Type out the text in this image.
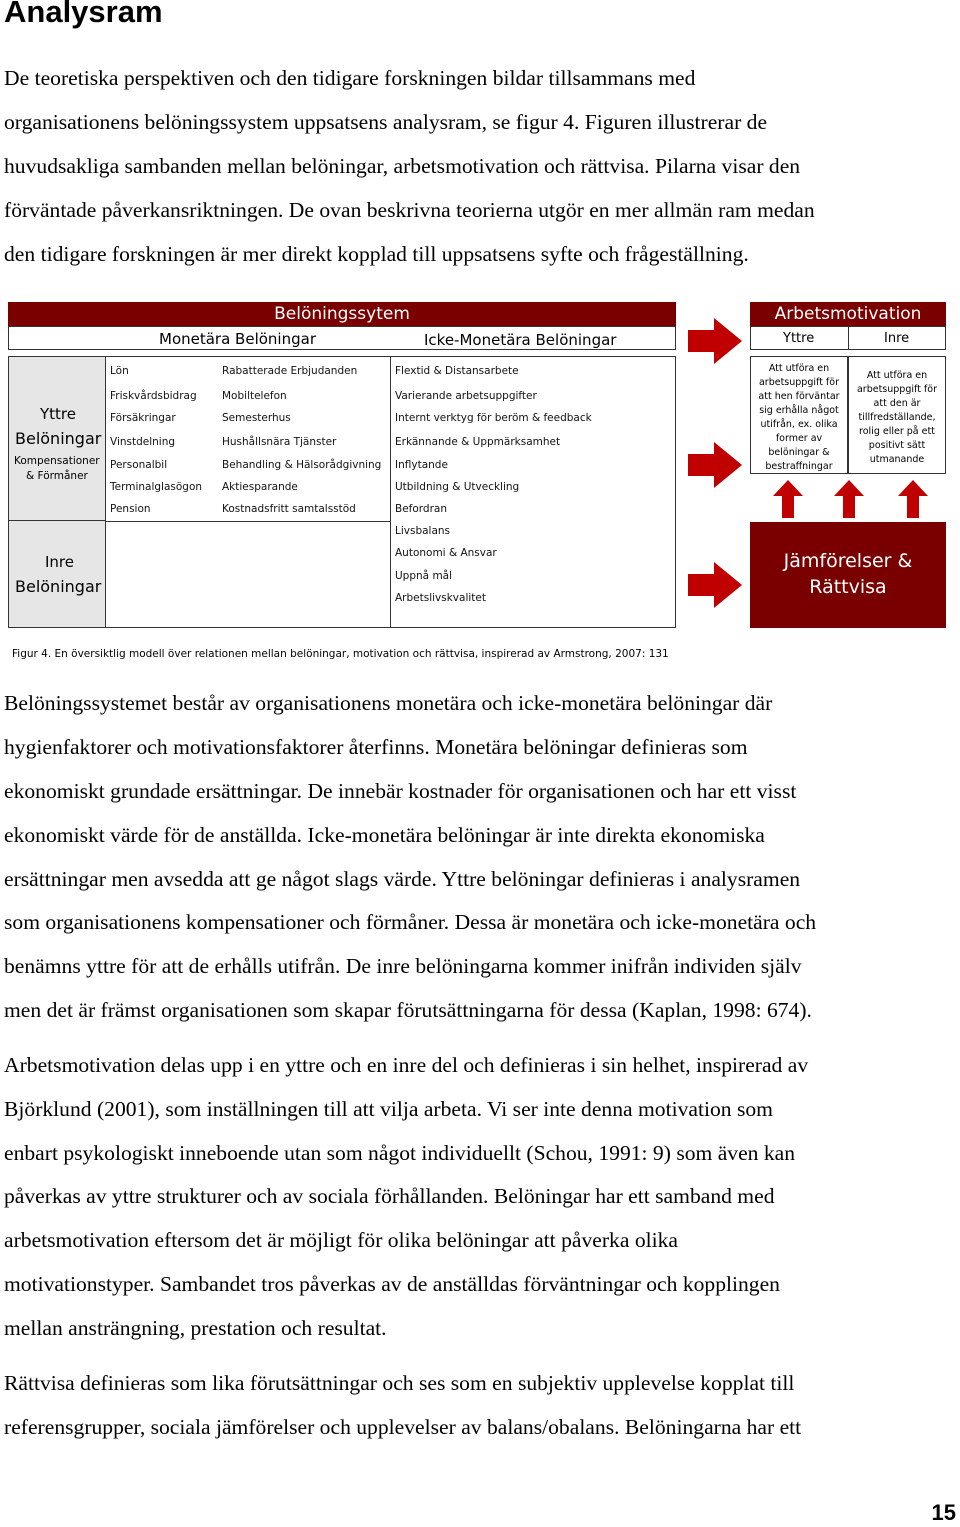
Analysram
De teoretiska perspektiven och den tidigare forskningen bildar tillsammans med
organisationens belöningssystem uppsatsens analysram, se figur 4. Figuren illustrerar de
huvudsakliga sambanden mellan belöningar, arbetsmotivation och rättvisa. Pilarna visar den
förväntade påverkansriktningen. De ovan beskrivna teorierna utgör en mer allmän ram medan
den tidigare forskningen är mer direkt kopplad till uppsatsens syfte och frågeställning.
Belöningssytem
Monetära Belöningar	Icke-Monetära Belöningar
Arbetsmotivation
Yttre	Inre
Yttre
Belöningar
Kompensationer
& Förmåner
Inre
Belöningar
Lön
Friskvårdsbidrag
Försäkringar
Vinstdelning
Personalbil
Terminalglasögon
Pension
Rabatterade Erbjudanden
Mobiltelefon
Semesterhus
Hushållsnära Tjänster
Behandling & Hälsorådgivning
Aktiesparande
Kostnadsfritt samtalsstöd
Flextid & Distansarbete
Varierande arbetsuppgifter
Internt verktyg för beröm & feedback
Erkännande & Uppmärksamhet
Inflytande
Utbildning & Utveckling
Befordran
Livsbalans
Autonomi & Ansvar
Uppnå mål
Arbetslivskvalitet
Att utföra en
arbetsuppgift för
att hen förväntar
sig erhålla något
utifrån, ex. olika
former av
belöningar &
bestraffningar
Att utföra en
arbetsuppgift för
att den är
tillfredställande,
rolig eller på ett
positivt sätt
utmanande
Jämförelser &
Rättvisa
Figur 4. En översiktlig modell över relationen mellan belöningar, motivation och rättvisa, inspirerad av Armstrong, 2007: 131
Belöningssystemet består av organisationens monetära och icke-monetära belöningar där
hygienfaktorer och motivationsfaktorer återfinns. Monetära belöningar definieras som
ekonomiskt grundade ersättningar. De innebär kostnader för organisationen och har ett visst
ekonomiskt värde för de anställda. Icke-monetära belöningar är inte direkta ekonomiska
ersättningar men avsedda att ge något slags värde. Yttre belöningar definieras i analysramen
som organisationens kompensationer och förmåner. Dessa är monetära och icke-monetära och
benämns yttre för att de erhålls utifrån. De inre belöningarna kommer inifrån individen själv
men det är främst organisationen som skapar förutsättningarna för dessa (Kaplan, 1998: 674).
Arbetsmotivation delas upp i en yttre och en inre del och definieras i sin helhet, inspirerad av
Björklund (2001), som inställningen till att vilja arbeta. Vi ser inte denna motivation som
enbart psykologiskt inneboende utan som något individuellt (Schou, 1991: 9) som även kan
påverkas av yttre strukturer och av sociala förhållanden. Belöningar har ett samband med
arbetsmotivation eftersom det är möjligt för olika belöningar att påverka olika
motivationstyper. Sambandet tros påverkas av de anställdas förväntningar och kopplingen
mellan ansträngning, prestation och resultat.
Rättvisa definieras som lika förutsättningar och ses som en subjektiv upplevelse kopplat till
referensgrupper, sociala jämförelser och upplevelser av balans/obalans. Belöningarna har ett
15
